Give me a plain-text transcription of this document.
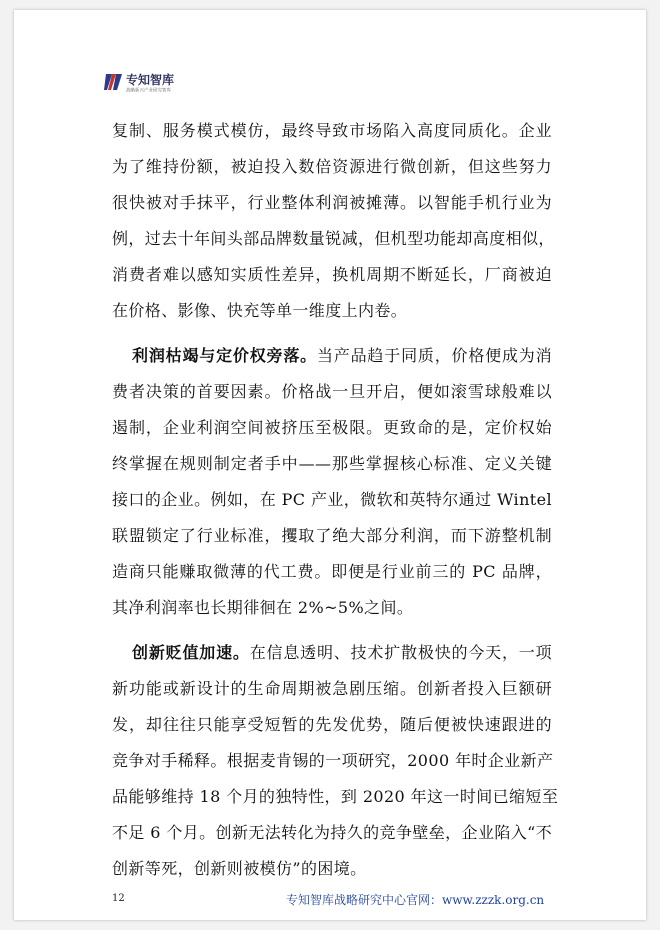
专知智库
战略新兴产业研究智库
复制、服务模式模仿，最终导致市场陷入高度同质化。企业
为了维持份额，被迫投入数倍资源进行微创新，但这些努力
很快被对手抹平，行业整体利润被摊薄。以智能手机行业为
例，过去十年间头部品牌数量锐减，但机型功能却高度相似，
消费者难以感知实质性差异，换机周期不断延长，厂商被迫
在价格、影像、快充等单一维度上内卷。
利润枯竭与定价权旁落。当产品趋于同质，价格便成为消
费者决策的首要因素。价格战一旦开启，便如滚雪球般难以
遏制，企业利润空间被挤压至极限。更致命的是，定价权始
终掌握在规则制定者手中——那些掌握核心标准、定义关键
接口的企业。例如，在 PC 产业，微软和英特尔通过 Wintel
联盟锁定了行业标准，攫取了绝大部分利润，而下游整机制
造商只能赚取微薄的代工费。即便是行业前三的 PC 品牌，
其净利润率也长期徘徊在 2%~5%之间。
创新贬值加速。在信息透明、技术扩散极快的今天，一项
新功能或新设计的生命周期被急剧压缩。创新者投入巨额研
发，却往往只能享受短暂的先发优势，随后便被快速跟进的
竞争对手稀释。根据麦肯锡的一项研究，2000 年时企业新产
品能够维持 18 个月的独特性，到 2020 年这一时间已缩短至
不足 6 个月。创新无法转化为持久的竞争壁垒，企业陷入“不
创新等死，创新则被模仿”的困境。
12	专知智库战略研究中心官网：www.zzzk.org.cn
